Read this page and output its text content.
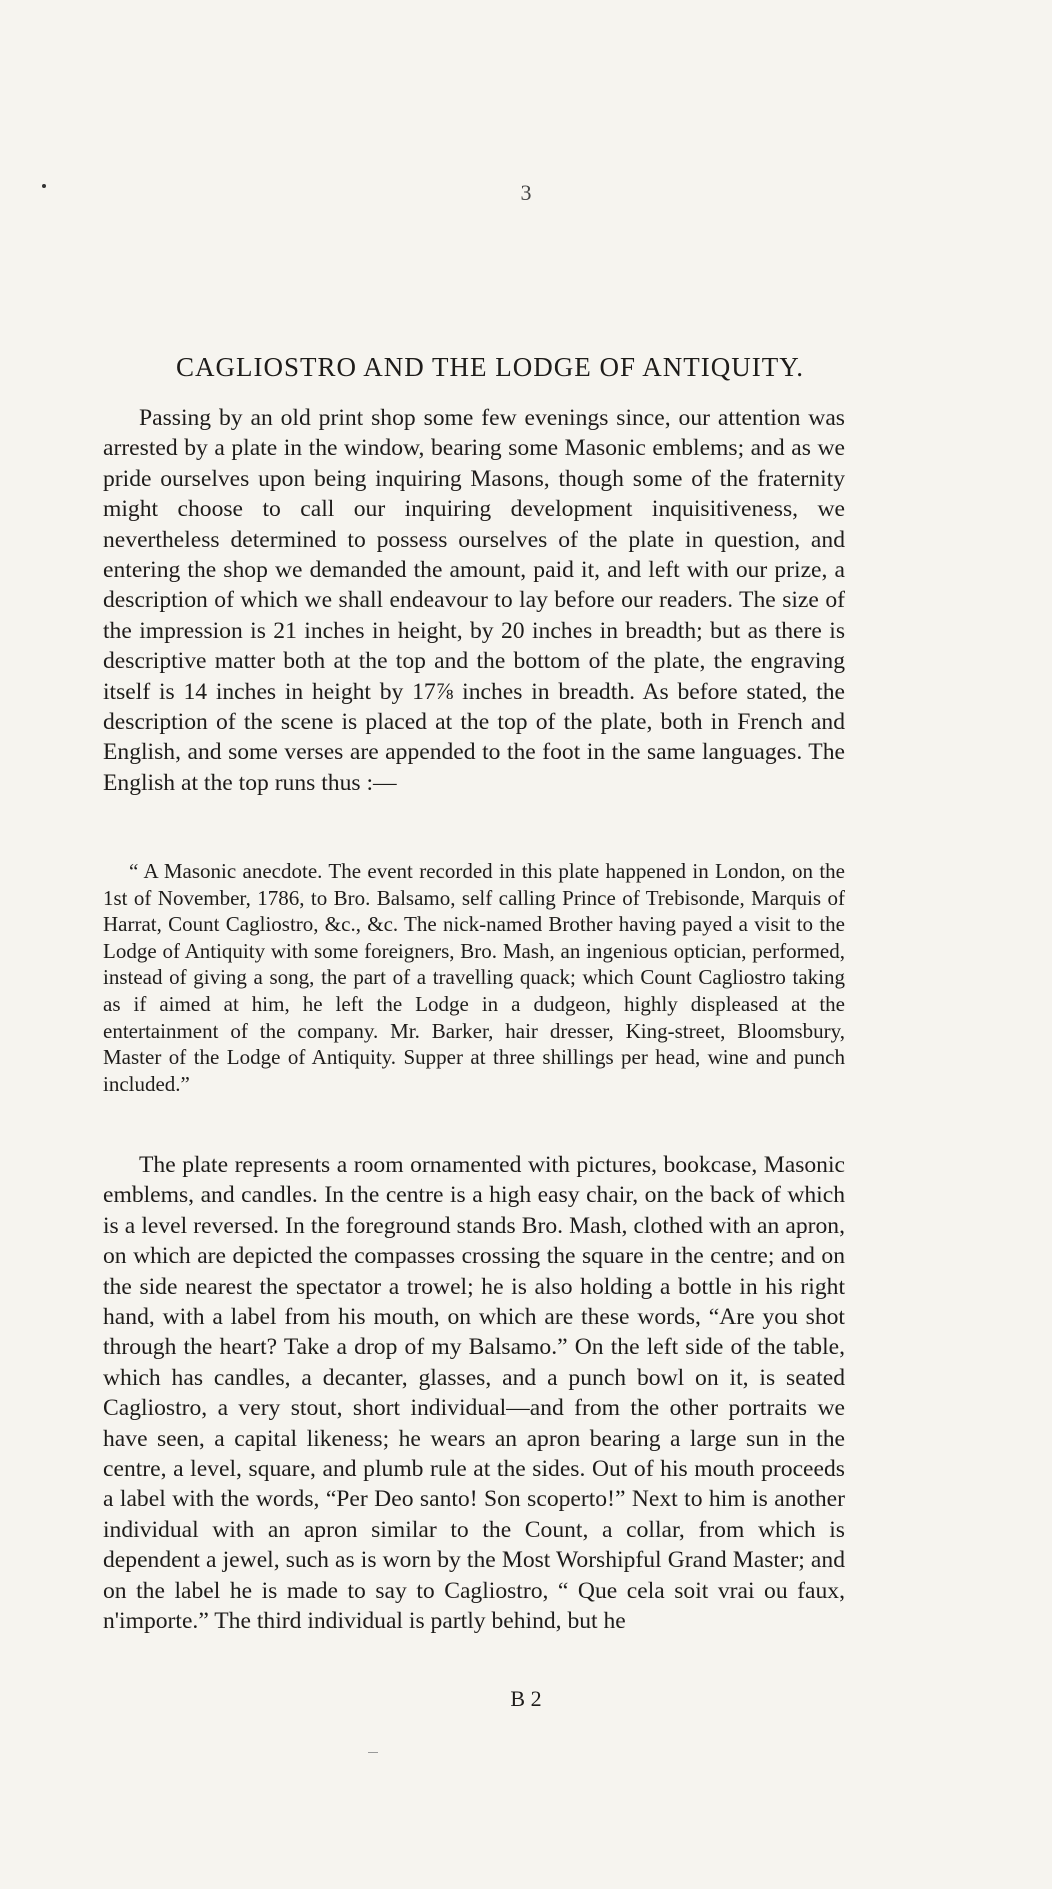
3
CAGLIOSTRO AND THE LODGE OF ANTIQUITY.

Passing by an old print shop some few evenings since, our attention was arrested by a plate in the window, bearing some Masonic emblems; and as we pride ourselves upon being inquiring Masons, though some of the fraternity might choose to call our inquiring development inquisitiveness, we nevertheless determined to possess ourselves of the plate in question, and entering the shop we demanded the amount, paid it, and left with our prize, a description of which we shall endeavour to lay before our readers. The size of the impression is 21 inches in height, by 20 inches in breadth; but as there is descriptive matter both at the top and the bottom of the plate, the engraving itself is 14 inches in height by 17⅞ inches in breadth. As before stated, the description of the scene is placed at the top of the plate, both in French and English, and some verses are appended to the foot in the same languages. The English at the top runs thus :—

“ A Masonic anecdote. The event recorded in this plate happened in London, on the 1st of November, 1786, to Bro. Balsamo, self calling Prince of Trebisonde, Marquis of Harrat, Count Cagliostro, &c., &c. The nick-named Brother having payed a visit to the Lodge of Antiquity with some foreigners, Bro. Mash, an ingenious optician, performed, instead of giving a song, the part of a travelling quack; which Count Cagliostro taking as if aimed at him, he left the Lodge in a dudgeon, highly displeased at the entertainment of the company. Mr. Barker, hair dresser, King-street, Bloomsbury, Master of the Lodge of Antiquity. Supper at three shillings per head, wine and punch included.”

The plate represents a room ornamented with pictures, bookcase, Masonic emblems, and candles. In the centre is a high easy chair, on the back of which is a level reversed. In the foreground stands Bro. Mash, clothed with an apron, on which are depicted the compasses crossing the square in the centre; and on the side nearest the spectator a trowel; he is also holding a bottle in his right hand, with a label from his mouth, on which are these words, “Are you shot through the heart? Take a drop of my Balsamo.” On the left side of the table, which has candles, a decanter, glasses, and a punch bowl on it, is seated Cagliostro, a very stout, short individual—and from the other portraits we have seen, a capital likeness; he wears an apron bearing a large sun in the centre, a level, square, and plumb rule at the sides. Out of his mouth proceeds a label with the words, “Per Deo santo! Son scoperto!” Next to him is another individual with an apron similar to the Count, a collar, from which is dependent a jewel, such as is worn by the Most Worshipful Grand Master; and on the label he is made to say to Cagliostro, “ Que cela soit vrai ou faux, n'importe.” The third individual is partly behind, but he

B 2
